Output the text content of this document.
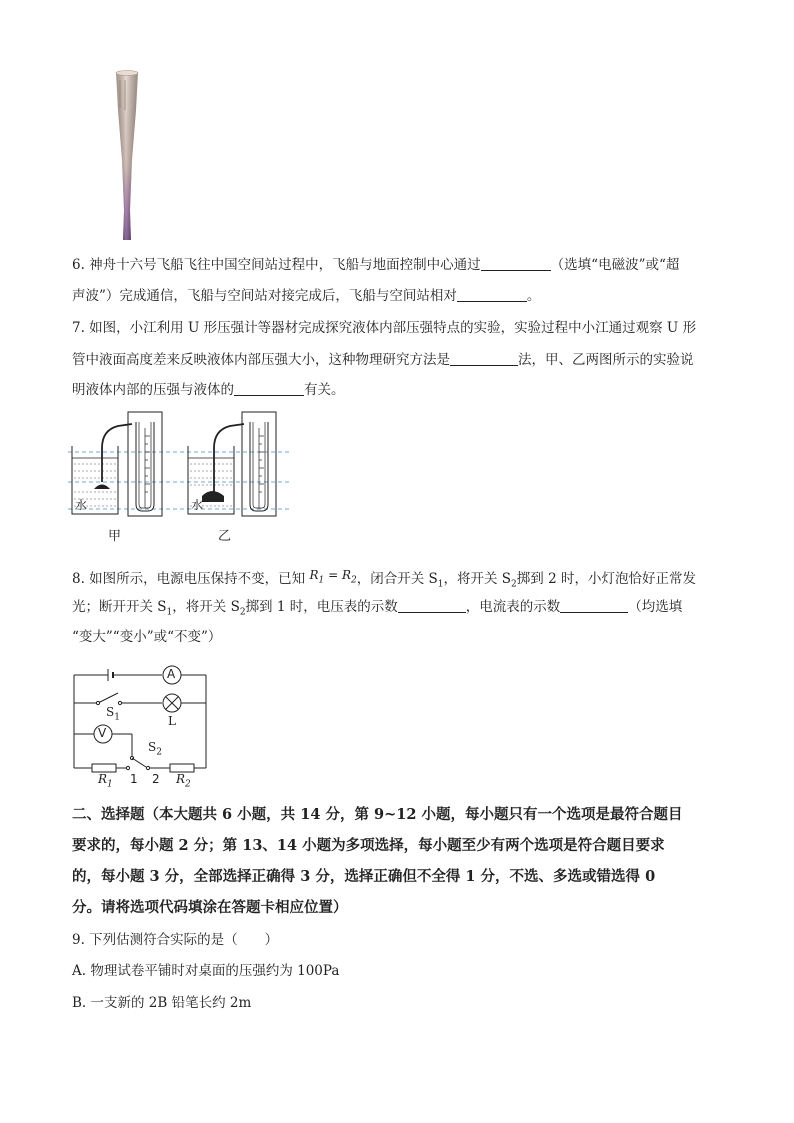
6. 神舟十六号飞船飞往中国空间站过程中，飞船与地面控制中心通过	（选填“电磁波”或“超
声波”）完成通信，飞船与空间站对接完成后，飞船与空间站相对	。
7. 如图，小江利用 U 形压强计等器材完成探究液体内部压强特点的实验，实验过程中小江通过观察 U 形
管中液面高度差来反映液体内部压强大小，这种物理研究方法是	法，甲、乙两图所示的实验说
明液体内部的压强与液体的	有关。
水	水
甲	乙
8. 如图所示，电源电压保持不变，已知 $R_1 = R_2$，闭合开关 $S_1$，将开关 $S_2$掷到 2 时，小灯泡恰好正常发
光；断开开关 $S_1$，将开关 $S_2$掷到 1 时，电压表的示数	，电流表的示数	（均选填
“变大”“变小”或“不变”）
A
V
L
$S_1$
$S_2$
$R_1$	$R_2$
1 2
二、选择题（本大题共 6 小题，共 14 分，第 9~12 小题，每小题只有一个选项是最符合题目
要求的，每小题 2 分；第 13、14 小题为多项选择，每小题至少有两个选项是符合题目要求
的，每小题 3 分，全部选择正确得 3 分，选择正确但不全得 1 分，不选、多选或错选得 0
分。请将选项代码填涂在答题卡相应位置）
9. 下列估测符合实际的是（　　）
A. 物理试卷平铺时对桌面的压强约为 100Pa
B. 一支新的 2B 铅笔长约 2m
